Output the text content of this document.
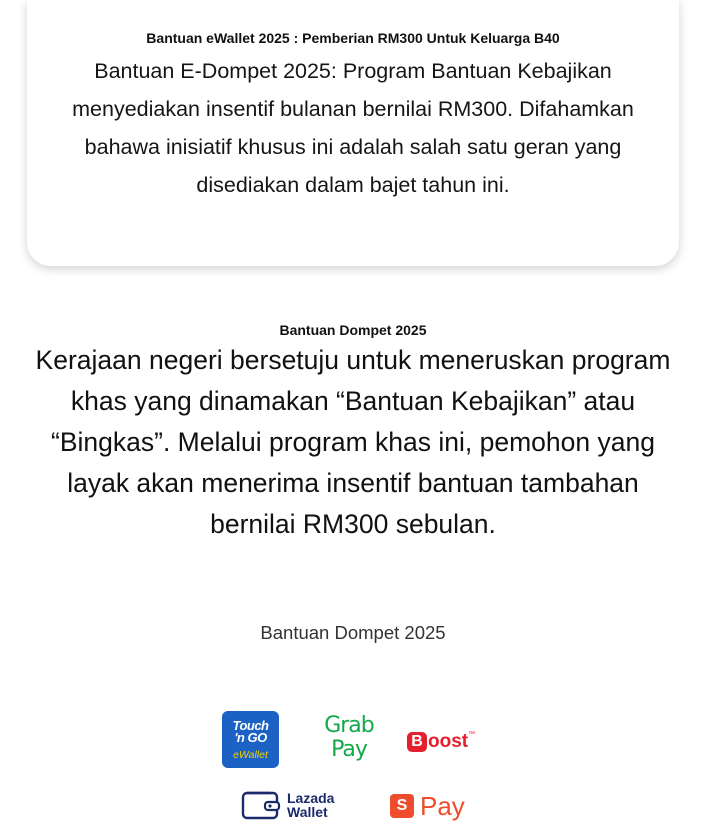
Bantuan eWallet 2025 : Pemberian RM300 Untuk Keluarga B40
Bantuan E-Dompet 2025: Program Bantuan Kebajikan menyediakan insentif bulanan bernilai RM300. Difahamkan bahawa inisiatif khusus ini adalah salah satu geran yang disediakan dalam bajet tahun ini.
Bantuan Dompet 2025
Kerajaan negeri bersetuju untuk meneruskan program khas yang dinamakan “Bantuan Kebajikan” atau “Bingkas”. Melalui program khas ini, pemohon yang layak akan menerima insentif bantuan tambahan bernilai RM300 sebulan.
Bantuan Dompet 2025
Touch
'n GO
eWallet
Grab
Pay	B oost ™
Lazada
Wallet	S Pay
